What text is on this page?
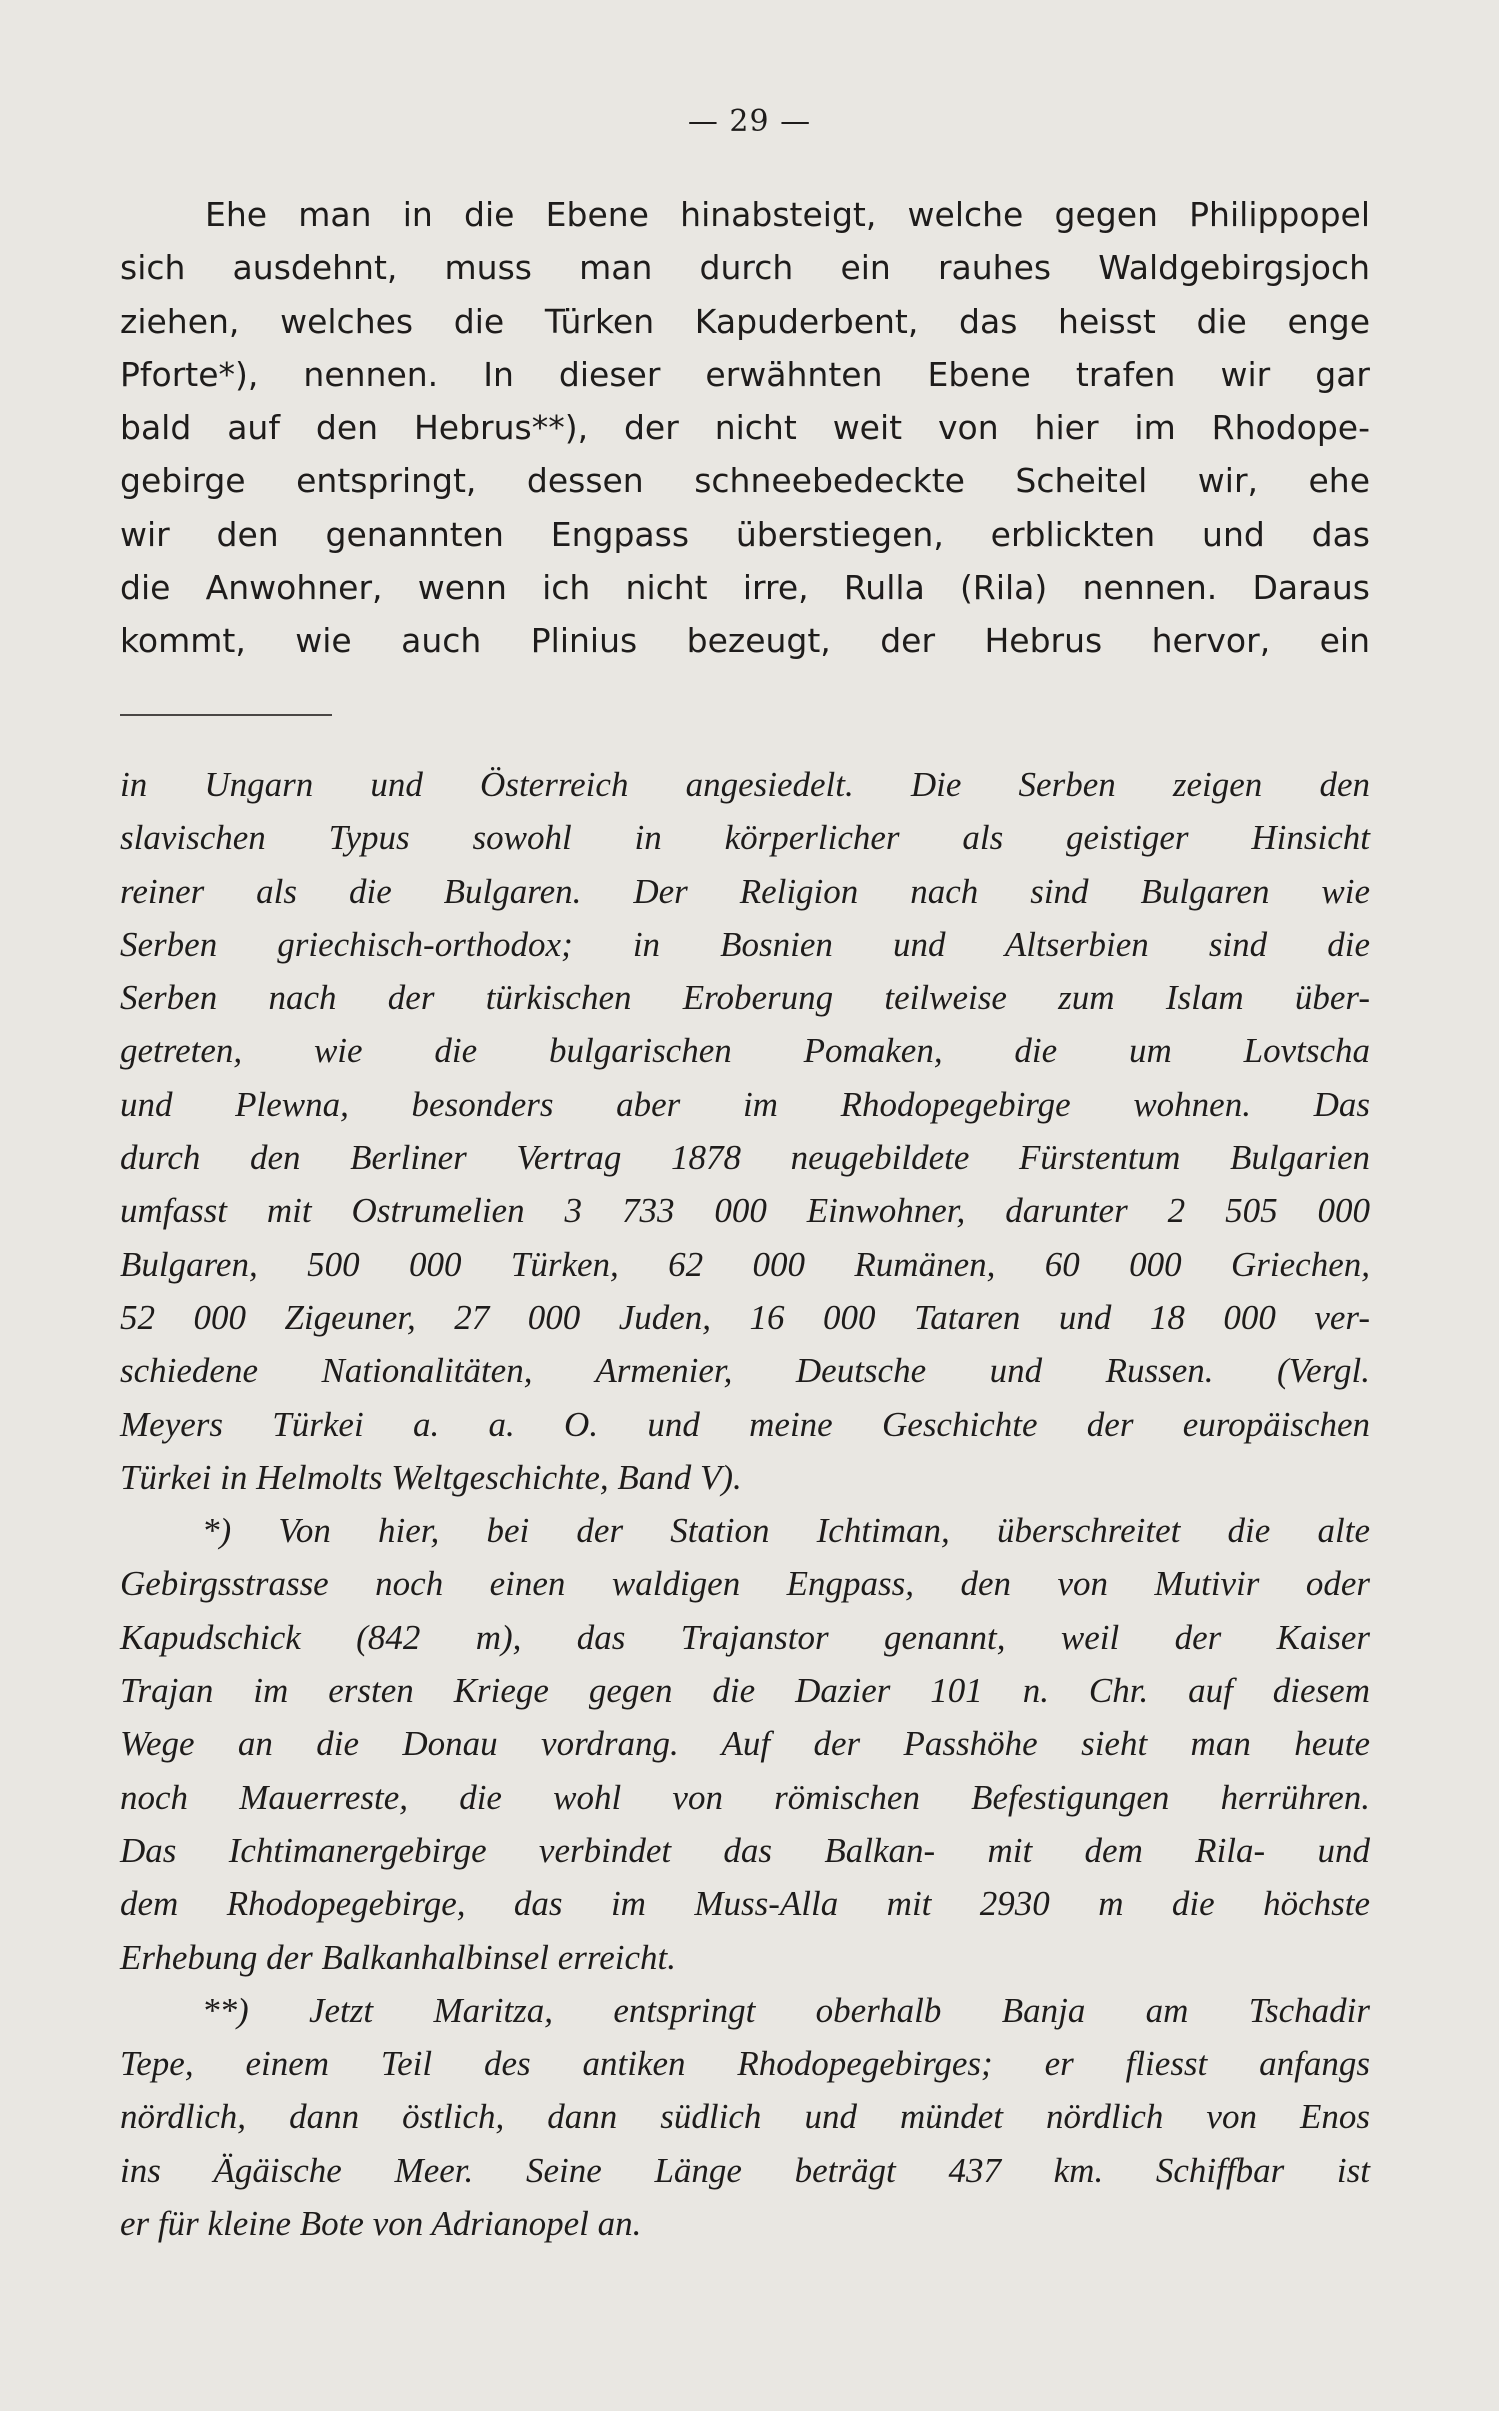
— 29 —
Ehe man in die Ebene hinabsteigt, welche gegen Philippopel
sich ausdehnt, muss man durch ein rauhes Waldgebirgsjoch
ziehen, welches die Türken Kapuderbent, das heisst die enge
Pforte*), nennen. In dieser erwähnten Ebene trafen wir gar
bald auf den Hebrus**), der nicht weit von hier im Rhodope-
gebirge entspringt, dessen schneebedeckte Scheitel wir, ehe
wir den genannten Engpass überstiegen, erblickten und das
die Anwohner, wenn ich nicht irre, Rulla (Rila) nennen. Daraus
kommt, wie auch Plinius bezeugt, der Hebrus hervor, ein
in Ungarn und Österreich angesiedelt. Die Serben zeigen den
slavischen Typus sowohl in körperlicher als geistiger Hinsicht
reiner als die Bulgaren. Der Religion nach sind Bulgaren wie
Serben griechisch-orthodox; in Bosnien und Altserbien sind die
Serben nach der türkischen Eroberung teilweise zum Islam über-
getreten, wie die bulgarischen Pomaken, die um Lovtscha
und Plewna, besonders aber im Rhodopegebirge wohnen. Das
durch den Berliner Vertrag 1878 neugebildete Fürstentum Bulgarien
umfasst mit Ostrumelien 3 733 000 Einwohner, darunter 2 505 000
Bulgaren, 500 000 Türken, 62 000 Rumänen, 60 000 Griechen,
52 000 Zigeuner, 27 000 Juden, 16 000 Tataren und 18 000 ver-
schiedene Nationalitäten, Armenier, Deutsche und Russen. (Vergl.
Meyers Türkei a. a. O. und meine Geschichte der europäischen
Türkei in Helmolts Weltgeschichte, Band V).
*) Von hier, bei der Station Ichtiman, überschreitet die alte
Gebirgsstrasse noch einen waldigen Engpass, den von Mutivir oder
Kapudschick (842 m), das Trajanstor genannt, weil der Kaiser
Trajan im ersten Kriege gegen die Dazier 101 n. Chr. auf diesem
Wege an die Donau vordrang. Auf der Passhöhe sieht man heute
noch Mauerreste, die wohl von römischen Befestigungen herrühren.
Das Ichtimanergebirge verbindet das Balkan- mit dem Rila- und
dem Rhodopegebirge, das im Muss-Alla mit 2930 m die höchste
Erhebung der Balkanhalbinsel erreicht.
**) Jetzt Maritza, entspringt oberhalb Banja am Tschadir
Tepe, einem Teil des antiken Rhodopegebirges; er fliesst anfangs
nördlich, dann östlich, dann südlich und mündet nördlich von Enos
ins Ägäische Meer. Seine Länge beträgt 437 km. Schiffbar ist
er für kleine Bote von Adrianopel an.
